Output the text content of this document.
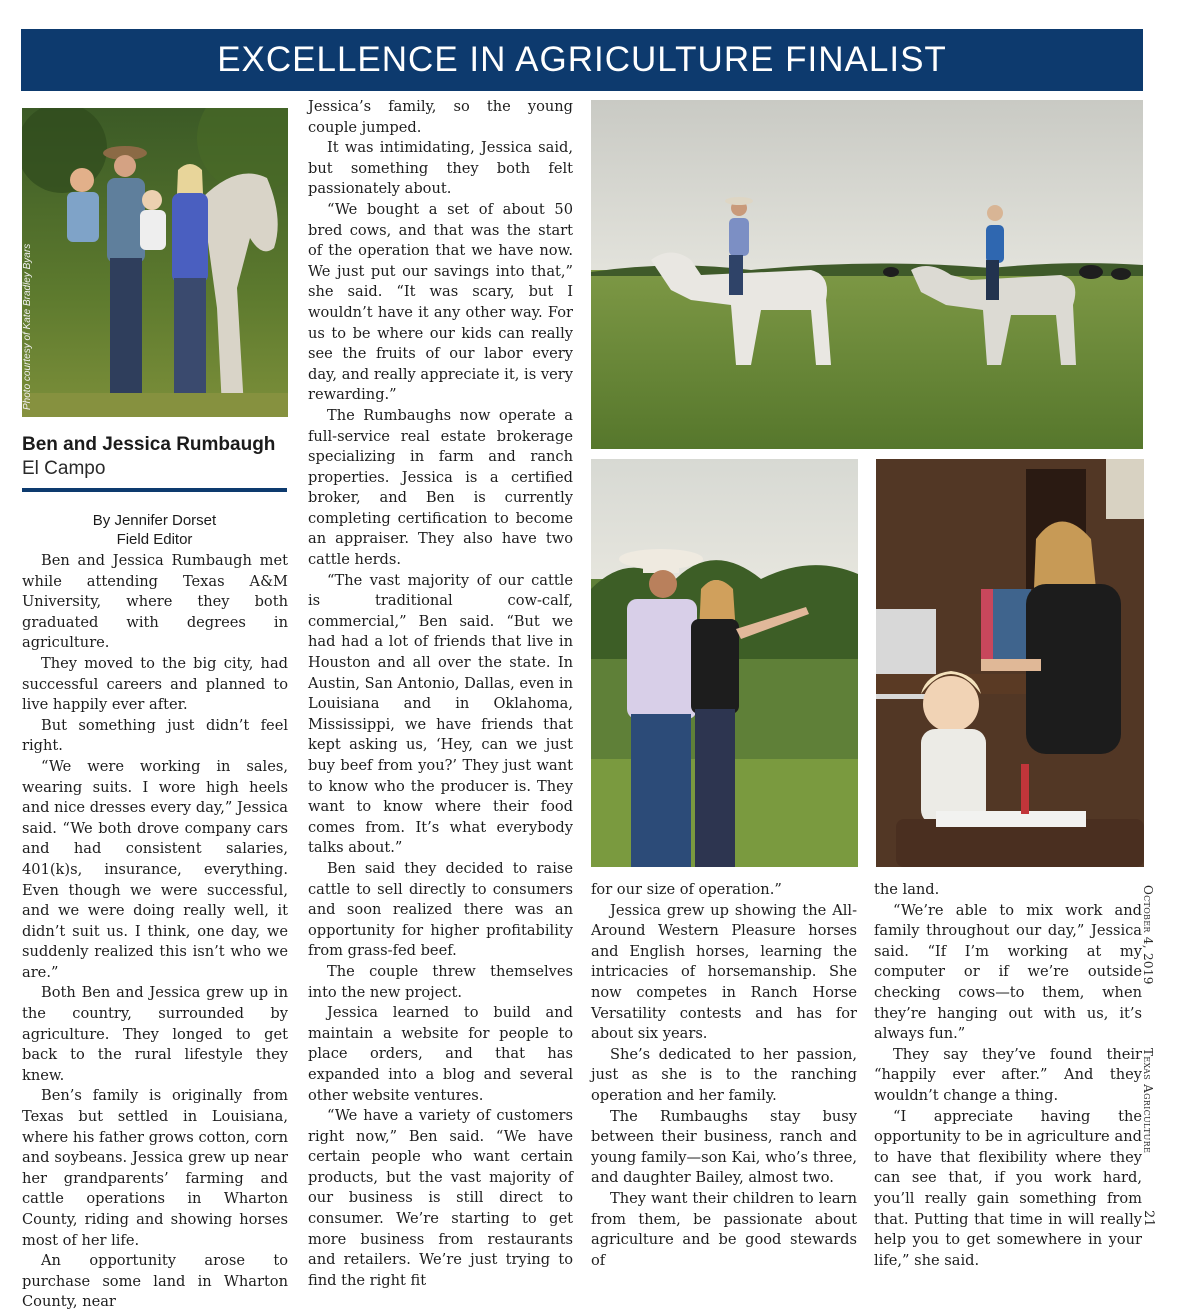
EXCELLENCE IN AGRICULTURE FINALIST
Photo courtesy of Kate Bradley Byars
Ben and Jessica Rumbaugh
El Campo
By Jennifer Dorset
Field Editor

Ben and Jessica Rumbaugh met while attending Texas A&M University, where they both graduated with degrees in agriculture.

They moved to the big city, had successful careers and planned to live happily ever after.

But something just didn’t feel right.

“We were working in sales, wearing suits. I wore high heels and nice dresses every day,” Jessica said. “We both drove company cars and had consistent salaries, 401(k)s, insurance, everything. Even though we were successful, and we were doing really well, it didn’t suit us. I think, one day, we suddenly realized this isn’t who we are.”

Both Ben and Jessica grew up in the country, surrounded by agriculture. They longed to get back to the rural lifestyle they knew.

Ben’s family is originally from Texas but settled in Louisiana, where his father grows cotton, corn and soybeans. Jessica grew up near her grandparents’ farming and cattle operations in Wharton County, riding and showing horses most of her life.

An opportunity arose to purchase some land in Wharton County, near

Jessica’s family, so the young couple jumped.

It was intimidating, Jessica said, but something they both felt passionately about.

“We bought a set of about 50 bred cows, and that was the start of the operation that we have now. We just put our savings into that,” she said. “It was scary, but I wouldn’t have it any other way. For us to be where our kids can really see the fruits of our labor every day, and really appreciate it, is very rewarding.”

The Rumbaughs now operate a full-service real estate brokerage specializing in farm and ranch properties. Jessica is a certified broker, and Ben is currently completing certification to become an appraiser. They also have two cattle herds.

“The vast majority of our cattle is traditional cow-calf, commercial,” Ben said. “But we had had a lot of friends that live in Houston and all over the state. In Austin, San Antonio, Dallas, even in Louisiana and in Oklahoma, Mississippi, we have friends that kept asking us, ‘Hey, can we just buy beef from you?’ They just want to know who the producer is. They want to know where their food comes from. It’s what everybody talks about.”

Ben said they decided to raise cattle to sell directly to consumers and soon realized there was an opportunity for higher profitability from grass-fed beef.

The couple threw themselves into the new project.

Jessica learned to build and maintain a website for people to place orders, and that has expanded into a blog and several other website ventures.

“We have a variety of customers right now,” Ben said. “We have certain people who want certain products, but the vast majority of our business is still direct to consumer. We’re starting to get more business from restaurants and retailers. We’re just trying to find the right fit

for our size of operation.”

Jessica grew up showing the All-Around Western Pleasure horses and English horses, learning the intricacies of horsemanship. She now competes in Ranch Horse Versatility contests and has for about six years.

She’s dedicated to her passion, just as she is to the ranching operation and her family.

The Rumbaughs stay busy between their business, ranch and young family—son Kai, who’s three, and daughter Bailey, almost two.

They want their children to learn from them, be passionate about agriculture and be good stewards of

the land.

“We’re able to mix work and family throughout our day,” Jessica said. “If I’m working at my computer or if we’re outside checking cows—to them, when they’re hanging out with us, it’s always fun.”

They say they’ve found their “happily ever after.” And they wouldn’t change a thing.

“I appreciate having the opportunity to be in agriculture and to have that flexibility where they can see that, if you work hard, you’ll really gain something from that. Putting that time in will really help you to get somewhere in your life,” she said.

October 4, 2019
Texas Agriculture
21
